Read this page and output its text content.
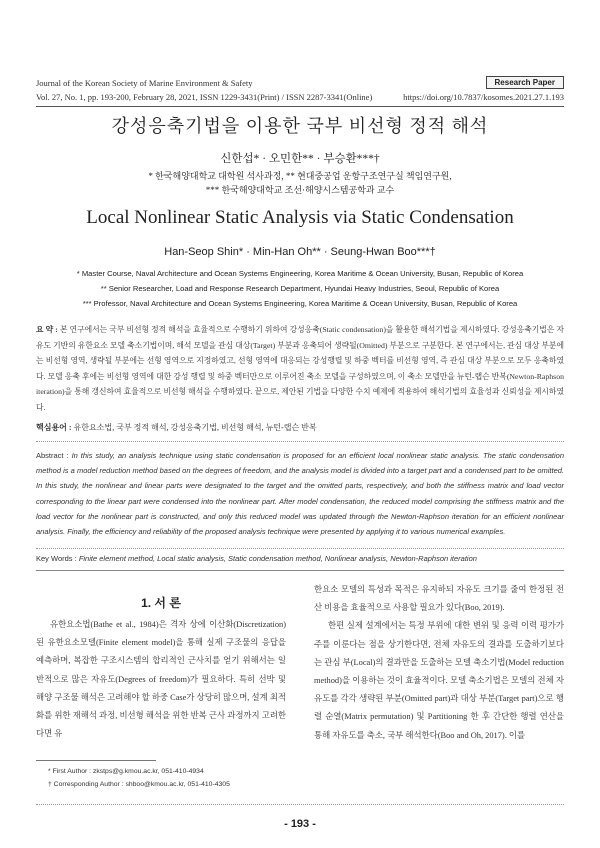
Journal of the Korean Society of Marine Environment & Safety	Research Paper
Vol. 27, No. 1, pp. 193-200, February 28, 2021, ISSN 1229-3431(Print) / ISSN 2287-3341(Online)	https://doi.org/10.7837/kosomes.2021.27.1.193
강성응축기법을 이용한 국부 비선형 정적 해석
신한섭* · 오민한** · 부승환***†
* 한국해양대학교 대학원 석사과정, ** 현대중공업 운항구조연구실 책임연구원,
*** 한국해양대학교 조선·해양시스템공학과 교수
Local Nonlinear Static Analysis via Static Condensation
Han-Seop Shin* · Min-Han Oh** · Seung-Hwan Boo***†
* Master Course, Naval Architecture and Ocean Systems Engineering, Korea Maritime & Ocean University, Busan, Republic of Korea
** Senior Researcher, Load and Response Research Department, Hyundai Heavy Industries, Seoul, Republic of Korea
*** Professor, Naval Architecture and Ocean Systems Engineering, Korea Maritime & Ocean University, Busan, Republic of Korea
요 약 : 본 연구에서는 국부 비선형 정적 해석을 효율적으로 수행하기 위하여 강성응축(Static condensation)을 활용한 해석기법을 제시하였다. 강성응축기법은 자유도 기반의 유한요소 모델 축소기법이며, 해석 모델을 관심 대상(Target) 부분과 응축되어 생략될(Omitted) 부분으로 구분한다. 본 연구에서는, 관심 대상 부분에는 비선형 영역, 생략될 부분에는 선형 영역으로 지정하였고, 선형 영역에 대응되는 강성행렬 및 하중 벡터를 비선형 영역, 즉 관심 대상 부분으로 모두 응축하였다. 모델 응축 후에는 비선형 영역에 대한 강성 행렬 및 하중 벡터만으로 이루어진 축소 모델을 구성하였으며, 이 축소 모델만을 뉴턴-랩슨 반복(Newton-Raphson iteration)을 통해 갱신하여 효율적으로 비선형 해석을 수행하였다. 끝으로, 제안된 기법을 다양한 수치 예제에 적용하여 해석기법의 효율성과 신뢰성을 제시하였다.
핵심용어 : 유한요소법, 국부 정적 해석, 강성응축기법, 비선형 해석, 뉴턴-랩슨 반복
Abstract : In this study, an analysis technique using static condensation is proposed for an efficient local nonlinear static analysis. The static condensation method is a model reduction method based on the degrees of freedom, and the analysis model is divided into a target part and a condensed part to be omitted. In this study, the nonlinear and linear parts were designated to the target and the omitted parts, respectively, and both the stiffness matrix and load vector corresponding to the linear part were condensed into the nonlinear part. After model condensation, the reduced model comprising the stiffness matrix and the load vector for the nonlinear part is constructed, and only this reduced model was updated through the Newton-Raphson iteration for an efficient nonlinear analysis. Finally, the efficiency and reliability of the proposed analysis technique were presented by applying it to various numerical examples.
Key Words : Finite element method, Local static analysis, Static condensation method, Nonlinear analysis, Newton-Raphson iteration
1. 서 론
유한요소법(Bathe et al., 1984)은 격자 상에 이산화(Discretization)된 유한요소모델(Finite element model)을 통해 실제 구조물의 응답을 예측하며, 복잡한 구조시스템의 합리적인 근사치를 얻기 위해서는 일반적으로 많은 자유도(Degrees of freedom)가 필요하다. 특히 선박 및 해양 구조물 해석은 고려해야 할 하중 Case가 상당히 많으며, 설계 최적화를 위한 재해석 과정, 비선형 해석을 위한 반복 근사 과정까지 고려한다면 유
한요소 모델의 특성과 목적은 유지하되 자유도 크기를 줄여 한정된 전산 비용을 효율적으로 사용할 필요가 있다(Boo, 2019).
한편 실제 설계에서는 특정 부위에 대한 변위 및 응력 이력 평가가 주를 이룬다는 점을 상기한다면, 전체 자유도의 결과를 도출하기보다는 관심 부(Local)의 결과만을 도출하는 모델 축소기법(Model reduction method)을 이용하는 것이 효율적이다. 모델 축소기법은 모델의 전체 자유도를 각각 생략된 부분(Omitted part)과 대상 부분(Target part)으로 행렬 순열(Matrix permutation) 및 Partitioning 한 후 간단한 행렬 연산을 통해 자유도를 축소, 국부 해석한다(Boo and Oh, 2017). 이를
* First Author : zkstps@g.kmou.ac.kr, 051-410-4934
† Corresponding Author : shboo@kmou.ac.kr, 051-410-4305
- 193 -
